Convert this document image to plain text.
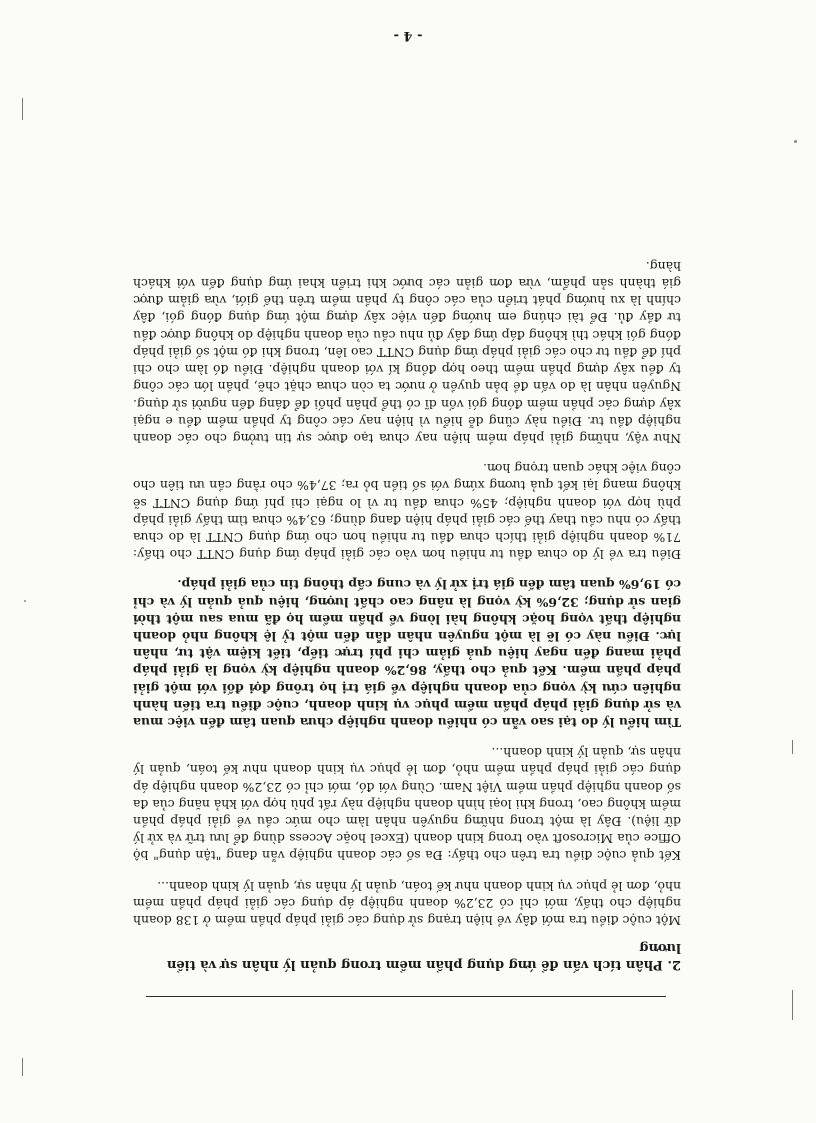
2. Phân tích vấn đề ứng dụng phần mềm trong quản lý nhân sự và tiền lương

Một cuộc điều tra mới đây về hiện trạng sử dụng các giải pháp phần mềm ở 138 doanh nghiệp cho thấy, mới chỉ có 23,2% doanh nghiệp áp dụng các giải pháp phần mềm nhỏ, đơn lẻ phục vụ kinh doanh như kế toán, quản lý nhân sự, quản lý kinh doanh...

Kết quả cuộc điều tra trên cho thấy: Đa số các doanh nghiệp vẫn đang "tận dụng" bộ Office của Microsoft vào trong kinh doanh (Excel hoặc Access dùng để lưu trữ và xử lý dữ liệu). Đây là một trong những nguyên nhân làm cho mức cầu về giải pháp phần mềm không cao, trong khi loại hình doanh nghiệp này rất phù hợp với khả năng của đa số doanh nghiệp phần mềm Việt Nam. Cùng với đó, mới chỉ có 23,2% doanh nghiệp áp dụng các giải pháp phần mềm nhỏ, đơn lẻ phục vụ kinh doanh như kế toán, quản lý nhân sự, quản lý kinh doanh...

Tìm hiểu lý do tại sao vẫn có nhiều doanh nghiệp chưa quan tâm đến việc mua và sử dụng giải pháp phần mềm phục vụ kinh doanh, cuộc điều tra tiến hành nghiên cứu kỳ vọng của doanh nghiệp về giá trị họ trông đợi đối với một giải pháp phần mềm. Kết quả cho thấy, 86,2% doanh nghiệp kỳ vọng là giải pháp phải mang đến ngay hiệu quả giảm chi phí trực tiếp, tiết kiệm vật tư, nhân lực. Điều này có lẽ là một nguyên nhân dẫn đến một tỷ lệ không nhỏ doanh nghiệp thất vọng hoặc không hài lòng về phần mềm họ đã mua sau một thời gian sử dụng; 32,6% kỳ vọng là nâng cao chất lượng, hiệu quả quản lý và chỉ có 19,6% quan tâm đến giá trị xử lý và cung cấp thông tin của giải pháp.

Điều tra về lý do chưa đầu tư nhiều hơn vào các giải pháp ứng dụng CNTT cho thấy: 71% doanh nghiệp giải thích chưa đầu tư nhiều hơn cho ứng dụng CNTT là do chưa thấy có nhu cầu thay thế các giải pháp hiện đang dùng; 63,4% chưa tìm thấy giải pháp phù hợp với doanh nghiệp; 45% chưa đầu tư vì lo ngại chi phí ứng dụng CNTT sẽ không mang lại kết quả tương xứng với số tiền bỏ ra; 37,4% cho rằng cần ưu tiên cho công việc khác quan trọng hơn.

Như vậy, những giải pháp mềm hiện nay chưa tạo được sự tin tưởng cho các doanh nghiệp đầu tư. Điều này cũng dễ hiểu vì hiện nay các công ty phần mềm đều e ngại xây dựng các phần mềm đóng gói vốn dĩ có thể phân phối để đáng đến người sử dụng. Nguyên nhân là do vấn đề bản quyền ở nước ta còn chưa chặt chẽ, phần lớn các công ty đều xây dựng phần mềm theo hợp đồng kí với doanh nghiệp. Điều đó làm cho chi phí để đầu tư cho các giải pháp ứng dụng CNTT cao lên, trong khi đó một số giải pháp đóng gói khác thì không đáp ứng đầy đủ nhu cầu của doanh nghiệp do không được đầu tư đầy đủ. Để tài chúng em hướng đến việc xây dựng một ứng dụng đóng gói, đây chính là xu hướng phát triển của các công ty phần mềm trên thế giới, vừa giảm được giá thành sản phẩm, vừa đơn giản các bước khi triển khai ứng dụng đến với khách hàng.

- 4 -
